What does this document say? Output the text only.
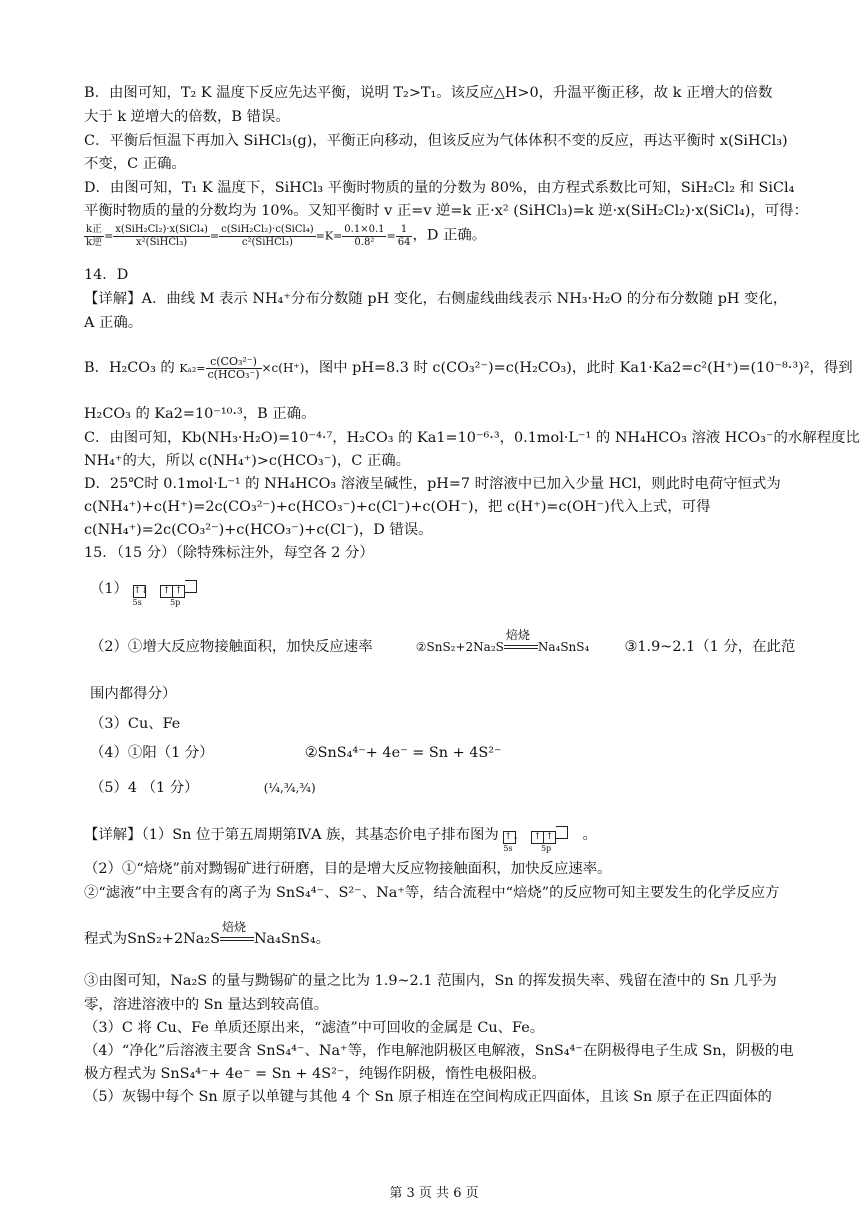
B．由图可知，T₂ K 温度下反应先达平衡，说明 T₂>T₁。该反应△H>0，升温平衡正移，故 k 正增大的倍数
大于 k 逆增大的倍数，B 错误。
C．平衡后恒温下再加入 SiHCl₃(g)，平衡正向移动，但该反应为气体体积不变的反应，再达平衡时 x(SiHCl₃)
不变，C 正确。
D．由图可知，T₁ K 温度下，SiHCl₃ 平衡时物质的量的分数为 80%，由方程式系数比可知，SiH₂Cl₂ 和 SiCl₄
平衡时物质的量的分数均为 10%。又知平衡时 v 正=v 逆=k 正·x² (SiHCl₃)=k 逆·x(SiH₂Cl₂)·x(SiCl₄)，可得：
$\frac{\text{k正}}{\text{k逆}} = \frac{\text{x(SiH₂Cl₂)·x(SiCl₄)}}{\text{x²(SiHCl₃)}} = \frac{\text{c(SiH₂Cl₂)·c(SiCl₄)}}{\text{c²(SiHCl₃)}} =K= \frac{0.1\times 0.1}{\text{0.8²}} = \frac{1}{64}$ ，D 正确。
14．D
【详解】A．曲线 M 表示 NH₄⁺分布分数随 pH 变化，右侧虚线曲线表示 NH₃·H₂O 的分布分数随 pH 变化，
A 正确。
B．H₂CO₃ 的 $K_{a2}= \frac{\text{c(CO₃²⁻)}}{\text{c(HCO₃⁻)}} \times c(H^+)$，图中 pH=8.3 时 c(CO₃²⁻)=c(H₂CO₃)，此时 Ka1·Ka2=c²(H⁺)=(10⁻⁸·³)²，得到
H₂CO₃ 的 Ka2=10⁻¹⁰·³，B 正确。
C．由图可知，Kb(NH₃·H₂O)=10⁻⁴·⁷，H₂CO₃ 的 Ka1=10⁻⁶·³，0.1mol·L⁻¹ 的 NH₄HCO₃ 溶液 HCO₃⁻的水解程度比
NH₄⁺的大，所以 c(NH₄⁺)>c(HCO₃⁻)，C 正确。
D．25℃时 0.1mol·L⁻¹ 的 NH₄HCO₃ 溶液呈碱性，pH=7 时溶液中已加入少量 HCl，则此时电荷守恒式为
c(NH₄⁺)+c(H⁺)=2c(CO₃²⁻)+c(HCO₃⁻)+c(Cl⁻)+c(OH⁻)，把 c(H⁺)=c(OH⁻)代入上式，可得
c(NH₄⁺)=2c(CO₃²⁻)+c(HCO₃⁻)+c(Cl⁻)，D 错误。
15．（15 分）（除特殊标注外，每空各 2 分）
（1） ↑↓
5s
↑ ↑
5p
（2）①增大反应物接触面积，加快反应速率	②SnS₂+2Na₂S
焙烧
Na₄SnS₄ ③1.9~2.1（1 分，在此范
围内都得分）
（3）Cu、Fe
（4）①阳（1 分）	②SnS₄⁴⁻+ 4e⁻ = Sn + 4S²⁻
（5）4 （1 分）	(¼,¾,¾)
【详解】（1）Sn 位于第五周期第ⅣA 族，其基态价电子排布图为 ↑↓
5s
↑ ↑
5p
。
（2）①“焙烧”前对黝锡矿进行研磨，目的是增大反应物接触面积，加快反应速率。
②“滤液”中主要含有的离子为 SnS₄⁴⁻、S²⁻、Na⁺等，结合流程中“焙烧”的反应物可知主要发生的化学反应方
程式为SnS₂+2Na₂S
焙烧
Na₄SnS₄。
③由图可知，Na₂S 的量与黝锡矿的量之比为 1.9~2.1 范围内，Sn 的挥发损失率、残留在渣中的 Sn 几乎为
零，溶进溶液中的 Sn 量达到较高值。
（3）C 将 Cu、Fe 单质还原出来，“滤渣”中可回收的金属是 Cu、Fe。
（4）“净化”后溶液主要含 SnS₄⁴⁻、Na⁺等，作电解池阴极区电解液，SnS₄⁴⁻在阴极得电子生成 Sn，阴极的电
极方程式为 SnS₄⁴⁻+ 4e⁻ = Sn + 4S²⁻，纯锡作阴极，惰性电极阳极。
（5）灰锡中每个 Sn 原子以单键与其他 4 个 Sn 原子相连在空间构成正四面体，且该 Sn 原子在正四面体的
第 3 页 共 6 页
